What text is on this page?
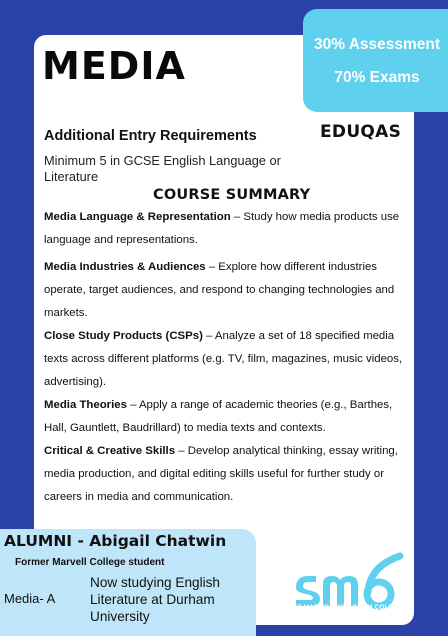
MEDIA	30% Assessment
70% Exams
EDUQAS
Additional Entry Requirements
Minimum 5 in GCSE English Language or Literature
COURSE SUMMARY

Media Language & Representation – Study how media products use language and representations.

Media Industries & Audiences – Explore how different industries operate, target audiences, and respond to changing technologies and markets.

Close Study Products (CSPs) – Analyze a set of 18 specified media texts across different platforms (e.g. TV, film, magazines, music videos, advertising).

Media Theories – Apply a range of academic theories (e.g., Barthes, Hall, Gauntlett, Baudrillard) to media texts and contexts.

Critical & Creative Skills – Develop analytical thinking, essay writing, media production, and digital editing skills useful for further study or careers in media and communication.

ALUMNI - Abigail Chatwin
Former Marvell College student
Media- A
Now studying English Literature at Durham University
ST MARY'S SIXTH FORM COLLEGE
